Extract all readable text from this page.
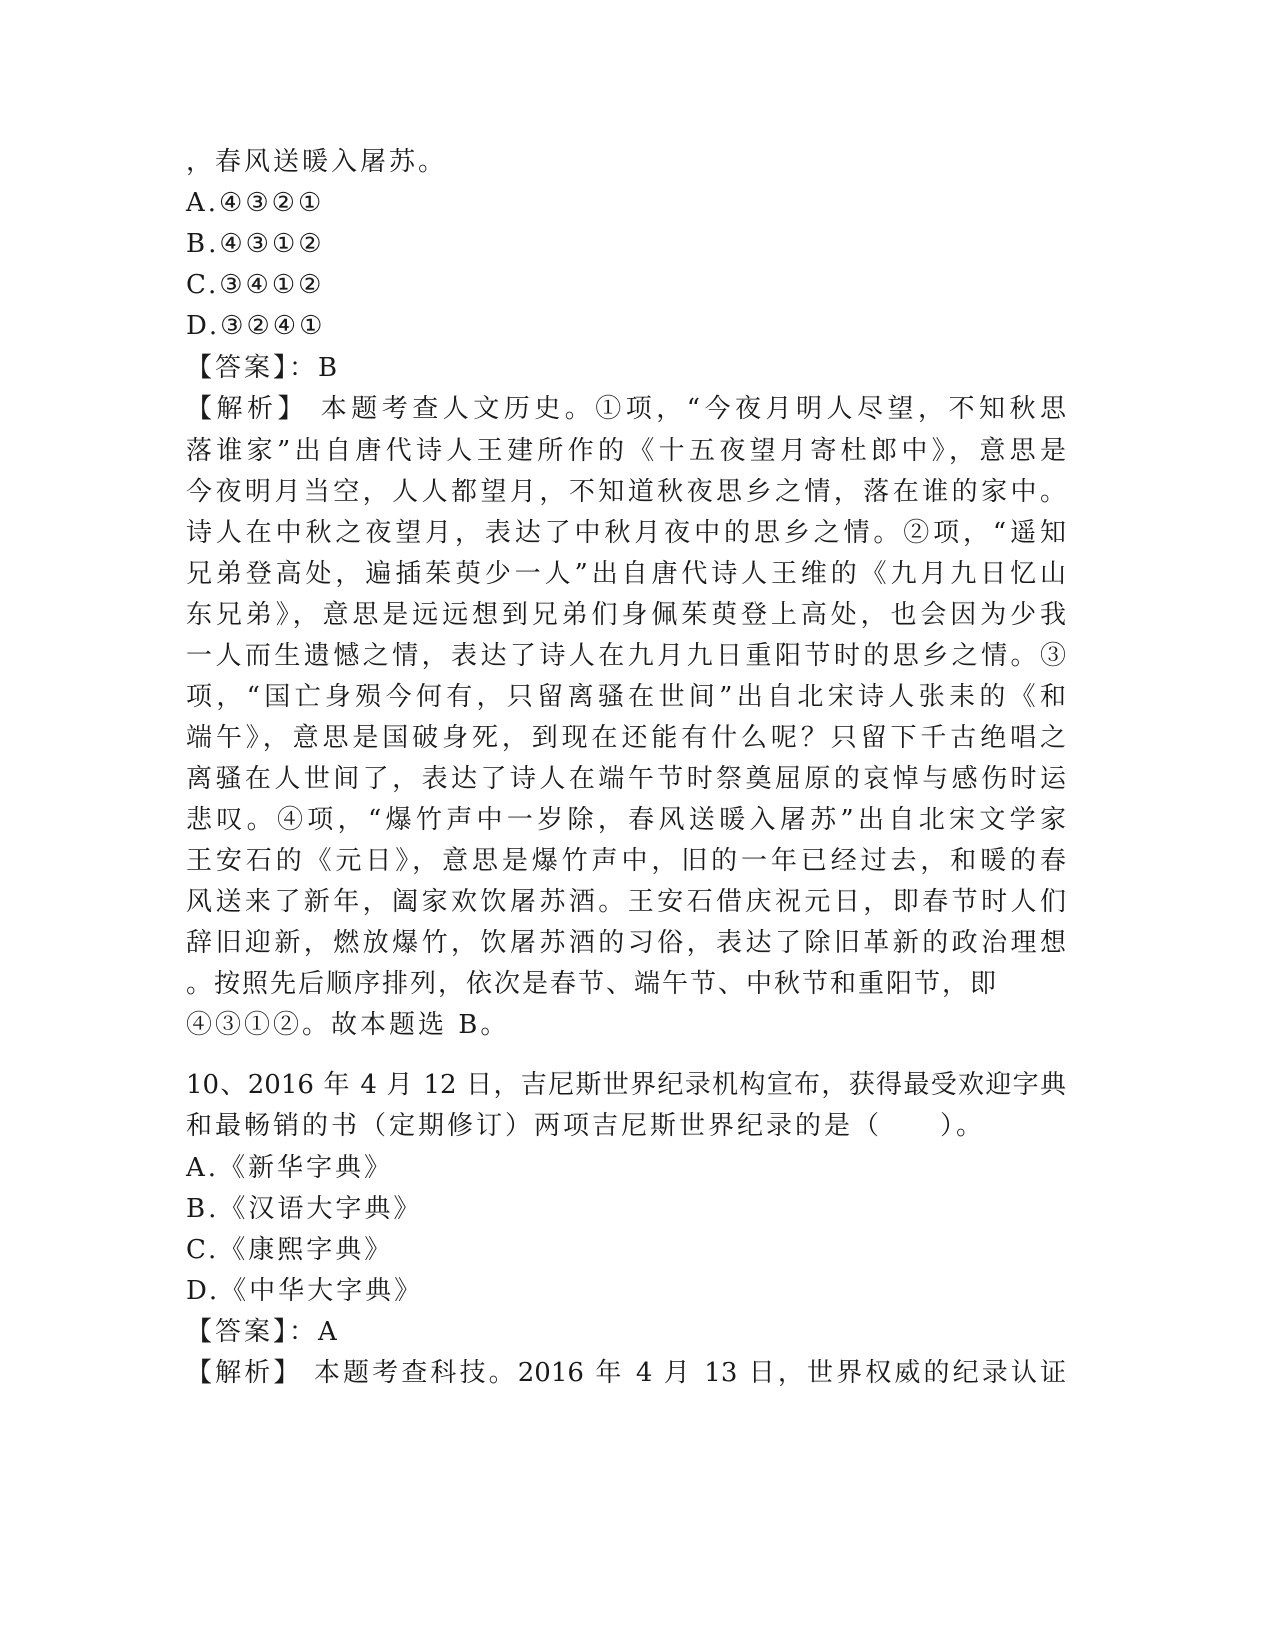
，春风送暖入屠苏。
A.④③②①
B.④③①②
C.③④①②
D.③②④①
【答案】：B
【解析】 本题考查人文历史。①项，“今夜月明人尽望，不知秋思
落谁家”出自唐代诗人王建所作的《十五夜望月寄杜郎中》，意思是
今夜明月当空，人人都望月，不知道秋夜思乡之情，落在谁的家中。
诗人在中秋之夜望月，表达了中秋月夜中的思乡之情。②项，“遥知
兄弟登高处，遍插茱萸少一人”出自唐代诗人王维的《九月九日忆山
东兄弟》，意思是远远想到兄弟们身佩茱萸登上高处，也会因为少我
一人而生遗憾之情，表达了诗人在九月九日重阳节时的思乡之情。③
项，“国亡身殒今何有，只留离骚在世间”出自北宋诗人张耒的《和
端午》，意思是国破身死，到现在还能有什么呢？只留下千古绝唱之
离骚在人世间了，表达了诗人在端午节时祭奠屈原的哀悼与感伤时运
悲叹。④项，“爆竹声中一岁除，春风送暖入屠苏”出自北宋文学家
王安石的《元日》，意思是爆竹声中，旧的一年已经过去，和暖的春
风送来了新年，阖家欢饮屠苏酒。王安石借庆祝元日，即春节时人们
辞旧迎新，燃放爆竹，饮屠苏酒的习俗，表达了除旧革新的政治理想
。按照先后顺序排列，依次是春节、端午节、中秋节和重阳节，即
④③①②。故本题选 B。
10、2016 年 4 月 12 日，吉尼斯世界纪录机构宣布，获得最受欢迎字典
和最畅销的书（定期修订）两项吉尼斯世界纪录的是（　　）。
A.《新华字典》
B.《汉语大字典》
C.《康熙字典》
D.《中华大字典》
【答案】：A
【解析】 本题考查科技。2016 年 4 月 13 日，世界权威的纪录认证
